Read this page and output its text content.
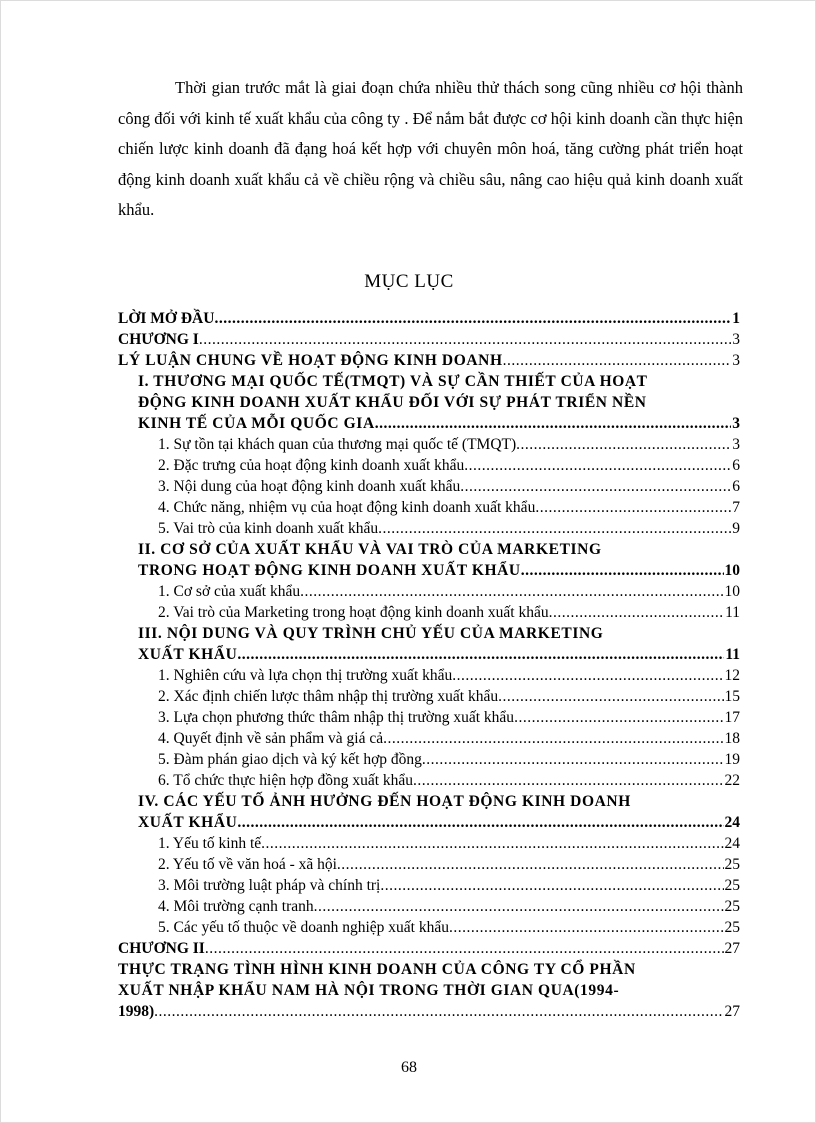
Thời gian trước mắt là giai đoạn chứa nhiều thử thách song cũng nhiều cơ hội thành công đối với kinh tế xuất khẩu của công ty . Để nắm bắt được cơ hội kinh doanh cần thực hiện chiến lược kinh doanh đã đạng hoá kết hợp với chuyên môn hoá, tăng cường phát triển hoạt động kinh doanh xuất khẩu cả về chiều rộng và chiều sâu, nâng cao hiệu quả kinh doanh xuất khẩu.

MỤC LỤC
LỜI MỞ ĐẦU .....	1
CHƯƠNG I .....	3
LÝ LUẬN CHUNG VỀ HOẠT ĐỘNG KINH DOANH .....	3
I. THƯƠNG MẠI QUỐC TẾ(TMQT) VÀ SỰ CẦN THIẾT CỦA HOẠT
ĐỘNG KINH DOANH XUẤT KHẨU ĐỐI VỚI SỰ PHÁT TRIỂN NỀN
KINH TẾ CỦA MỖI QUỐC GIA .....	3
1. Sự tồn tại khách quan của thương mại quốc tế (TMQT) .....	3
2. Đặc trưng của hoạt động kinh doanh xuất khẩu .....	6
3. Nội dung của hoạt động kinh doanh xuất khẩu .....	6
4. Chức năng, nhiệm vụ của hoạt động kinh doanh xuất khẩu .....	7
5. Vai trò của kinh doanh xuất khẩu .....	9
II. CƠ SỞ CỦA XUẤT KHẨU VÀ VAI TRÒ CỦA MARKETING
TRONG HOẠT ĐỘNG KINH DOANH XUẤT KHẨU .....	10
1. Cơ sở của xuất khẩu .....	10
2. Vai trò của Marketing trong hoạt động kinh doanh xuất khẩu .....	11
III. NỘI DUNG VÀ QUY TRÌNH CHỦ YẾU CỦA MARKETING
XUẤT KHẨU .....	11
1. Nghiên cứu và lựa chọn thị trường xuất khẩu .....	12
2. Xác định chiến lược thâm nhập thị trường xuất khẩu .....	15
3. Lựa chọn phương thức thâm nhập thị trường xuất khẩu .....	17
4. Quyết định về sản phẩm và giá cả .....	18
5. Đàm phán giao dịch và ký kết hợp đồng .....	19
6. Tổ chức thực hiện hợp đồng xuất khẩu .....	22
IV. CÁC YẾU TỐ ẢNH HƯỞNG ĐẾN HOẠT ĐỘNG KINH DOANH
XUẤT KHẨU .....	24
1. Yếu tố kinh tế .....	24
2. Yếu tố về văn hoá - xã hội .....	25
3. Môi trường luật pháp và chính trị .....	25
4. Môi trường cạnh tranh .....	25
5. Các yếu tố thuộc về doanh nghiệp xuất khẩu .....	25
CHƯƠNG II .....	27
THỰC TRẠNG TÌNH HÌNH KINH DOANH CỦA CÔNG TY CỔ PHẦN
XUẤT NHẬP KHẨU NAM HÀ NỘI TRONG THỜI GIAN QUA(1994-
1998) .....	27
68
